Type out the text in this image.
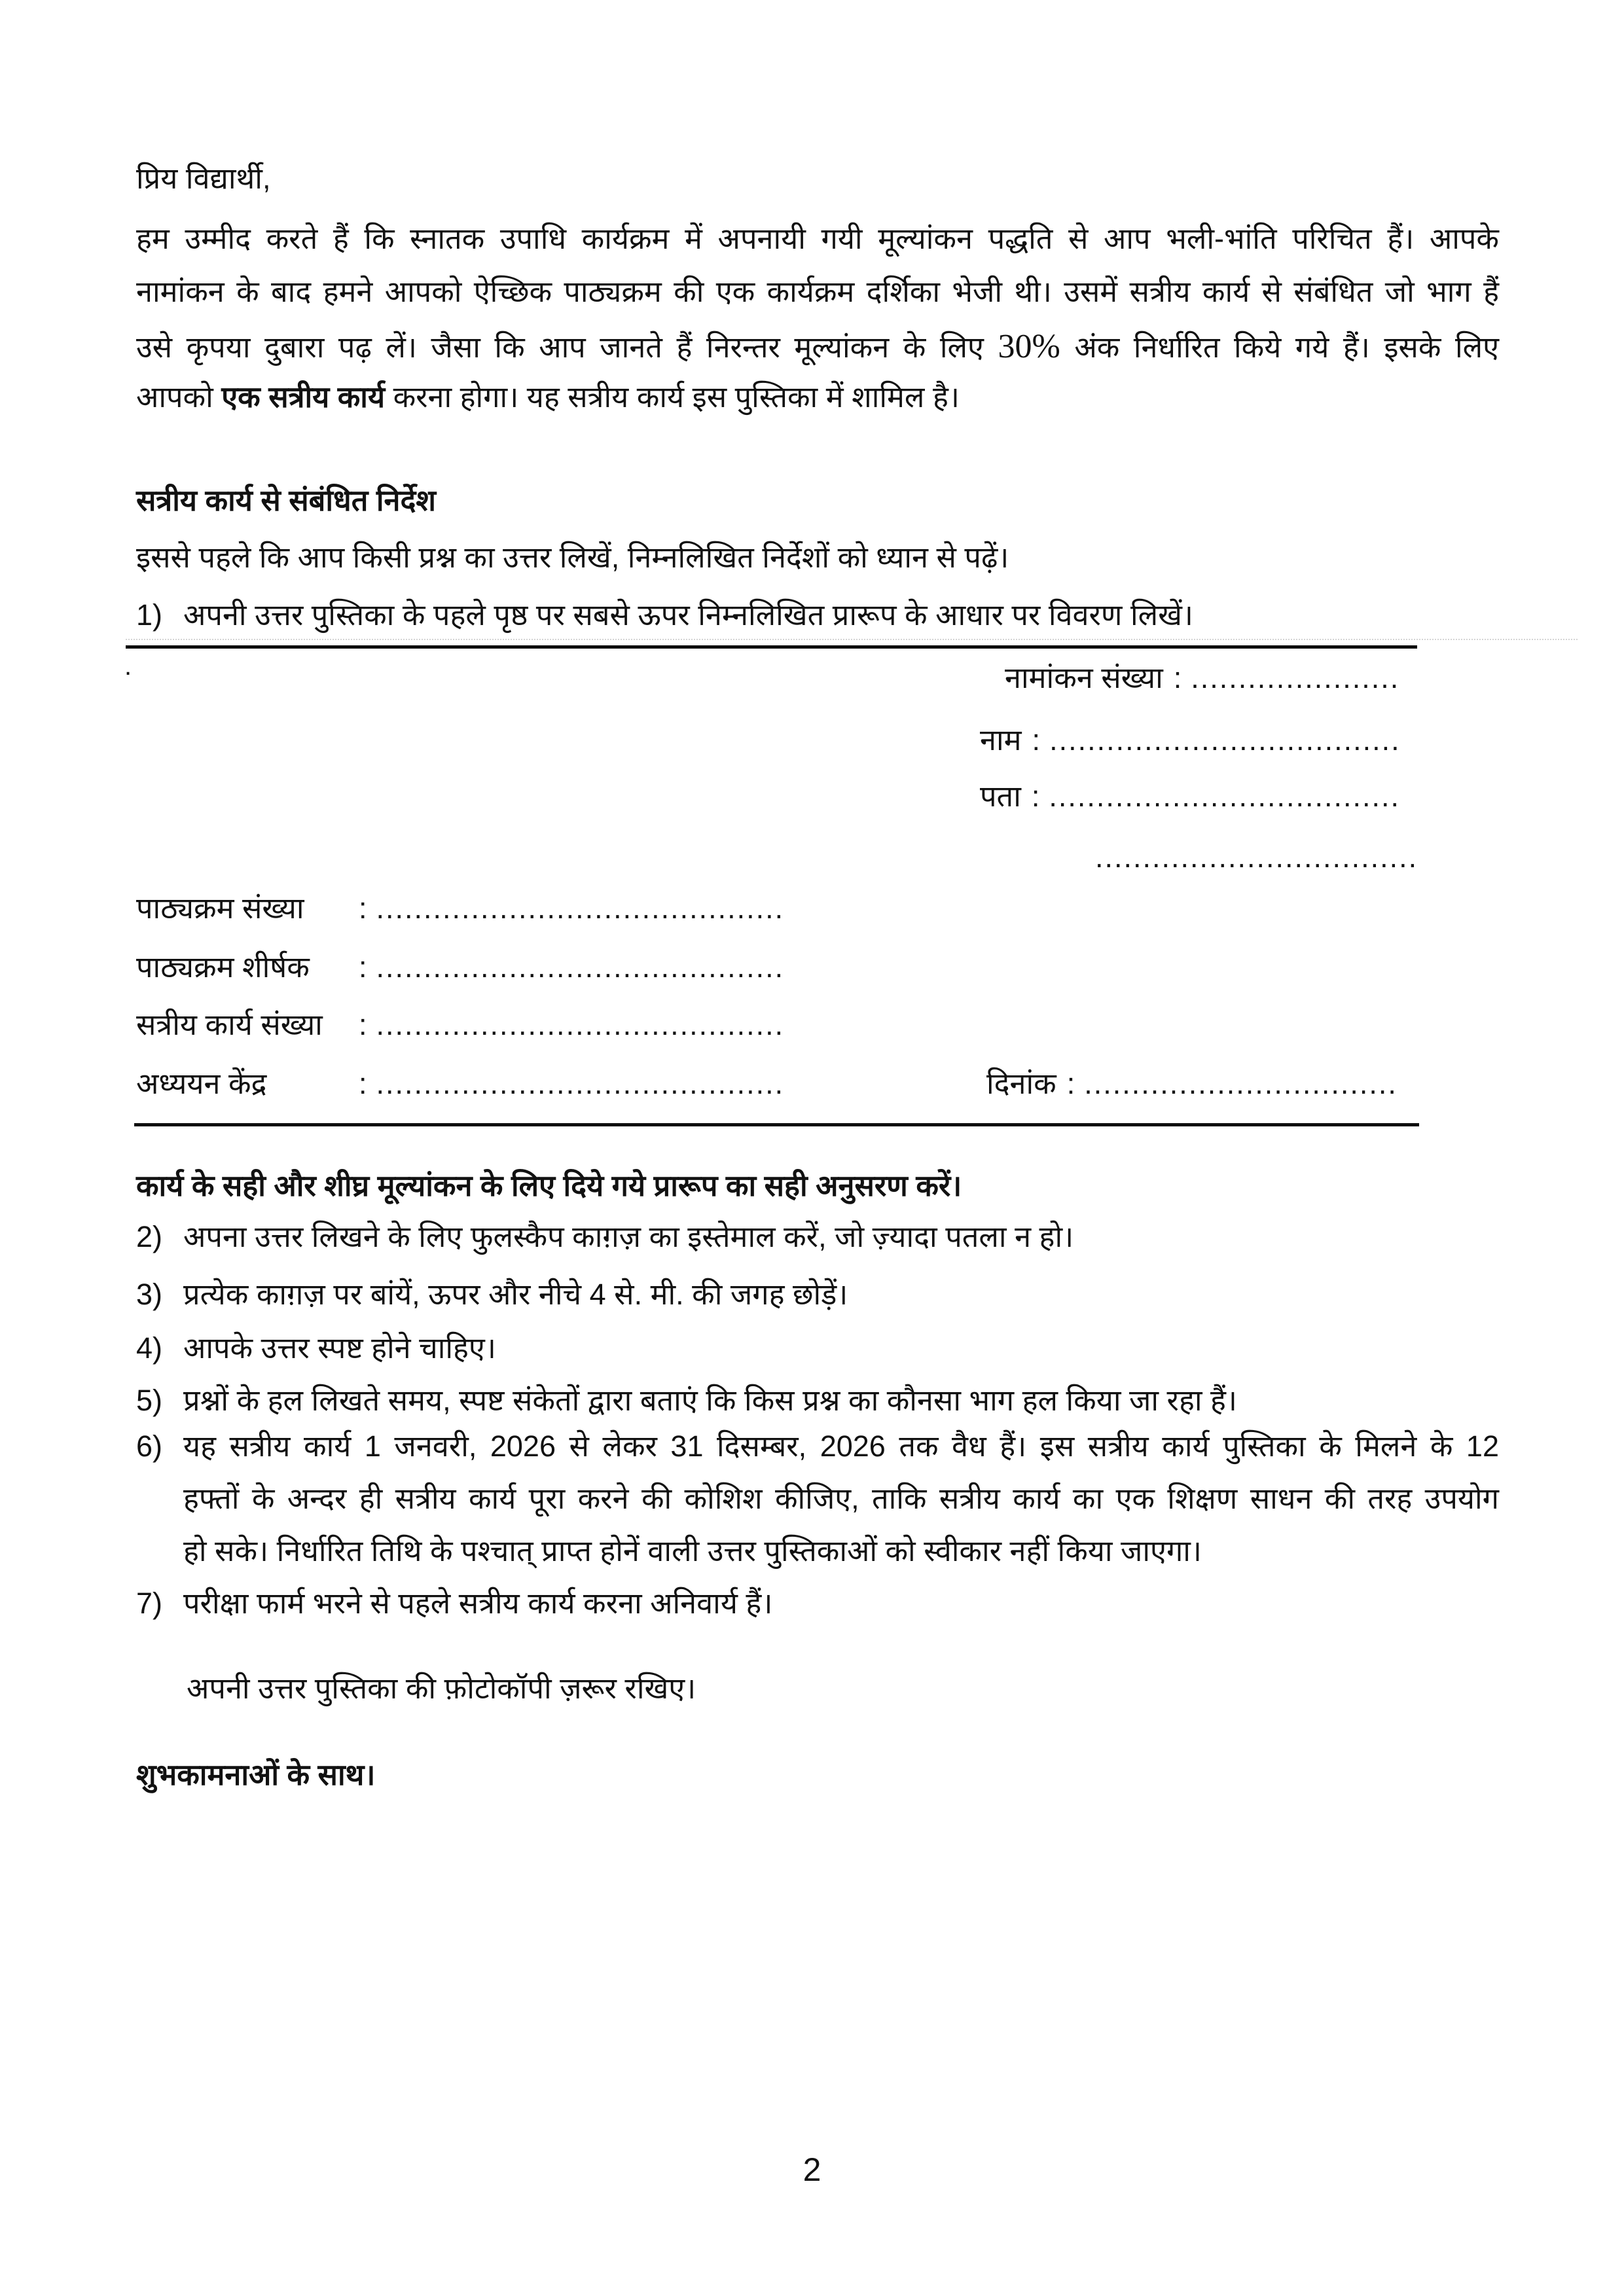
प्रिय विद्यार्थी,
हम उम्मीद करते हैं कि स्नातक उपाधि कार्यक्रम में अपनायी गयी मूल्यांकन पद्धति से आप भली-भांति परिचित हैं। आपके
नामांकन के बाद हमने आपको ऐच्छिक पाठ्यक्रम की एक कार्यक्रम दर्शिका भेजी थी। उसमें सत्रीय कार्य से संबंधित जो भाग हैं
उसे कृपया दुबारा पढ़ लें। जैसा कि आप जानते हैं निरन्तर मूल्यांकन के लिए 30% अंक निर्धारित किये गये हैं। इसके लिए
आपको एक सत्रीय कार्य करना होगा। यह सत्रीय कार्य इस पुस्तिका में शामिल है।
सत्रीय कार्य से संबंधित निर्देश
इससे पहले कि आप किसी प्रश्न का उत्तर लिखें, निम्नलिखित निर्देशों को ध्यान से पढ़ें।
1) अपनी उत्तर पुस्तिका के पहले पृष्ठ पर सबसे ऊपर निम्नलिखित प्रारूप के आधार पर विवरण लिखें।
.	नामांकन संख्या : ......................
नाम : .....................................
पता : .....................................
..................................
पाठ्यक्रम संख्या : ...........................................
पाठ्यक्रम शीर्षक : ...........................................
सत्रीय कार्य संख्या : ...........................................
अध्ययन केंद्र	: ...........................................	दिनांक : .................................
कार्य के सही और शीघ्र मूल्यांकन के लिए दिये गये प्रारूप का सही अनुसरण करें।
2) अपना उत्तर लिखने के लिए फुलस्कैप काग़ज़ का इस्तेमाल करें, जो ज़्यादा पतला न हो।
3) प्रत्येक काग़ज़ पर बांयें, ऊपर और नीचे 4 से. मी. की जगह छोड़ें।
4) आपके उत्तर स्पष्ट होने चाहिए।
5) प्रश्नों के हल लिखते समय, स्पष्ट संकेतों द्वारा बताएं कि किस प्रश्न का कौनसा भाग हल किया जा रहा हैं।
6) यह सत्रीय कार्य 1 जनवरी, 2026 से लेकर 31 दिसम्बर, 2026 तक वैध हैं। इस सत्रीय कार्य पुस्तिका के मिलने के 12
हफ्तों के अन्दर ही सत्रीय कार्य पूरा करने की कोशिश कीजिए, ताकि सत्रीय कार्य का एक शिक्षण साधन की तरह उपयोग
हो सके। निर्धारित तिथि के पश्चात् प्राप्त होनें वाली उत्तर पुस्तिकाओं को स्वीकार नहीं किया जाएगा।
7) परीक्षा फार्म भरने से पहले सत्रीय कार्य करना अनिवार्य हैं।
अपनी उत्तर पुस्तिका की फ़ोटोकॉपी ज़रूर रखिए।
शुभकामनाओं के साथ।
2
